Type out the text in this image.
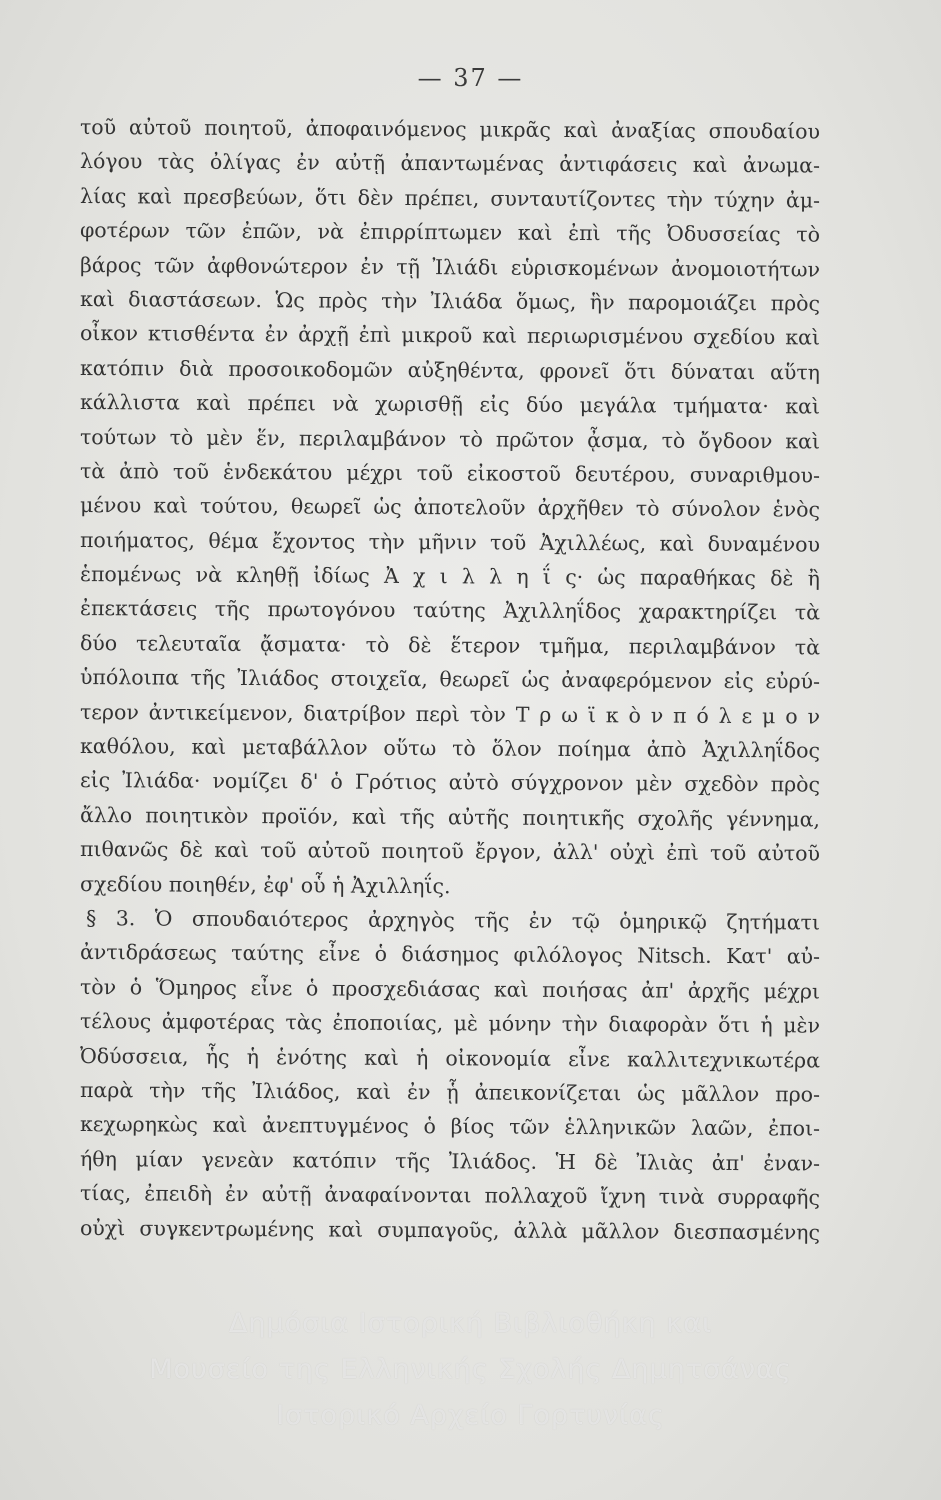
— 37 —
τοῦ αὐτοῦ ποιητοῦ, ἀποφαινόμενος μικρᾶς καὶ ἀναξίας σπουδαίου
λόγου τὰς ὀλίγας ἐν αὐτῇ ἀπαντωμένας ἀντιφάσεις καὶ ἀνωμα-
λίας καὶ πρεσβεύων, ὅτι δὲν πρέπει, συνταυτίζοντες τὴν τύχην ἀμ-
φοτέρων τῶν ἐπῶν, νὰ ἐπιρρίπτωμεν καὶ ἐπὶ τῆς Ὀδυσσείας τὸ
βάρος τῶν ἀφθονώτερον ἐν τῇ Ἰλιάδι εὑρισκομένων ἀνομοιοτήτων
καὶ διαστάσεων. Ὡς πρὸς τὴν Ἰλιάδα ὅμως, ἣν παρομοιάζει πρὸς
οἶκον κτισθέντα ἐν ἀρχῇ ἐπὶ μικροῦ καὶ περιωρισμένου σχεδίου καὶ
κατόπιν διὰ προσοικοδομῶν αὐξηθέντα, φρονεῖ ὅτι δύναται αὕτη
κάλλιστα καὶ πρέπει νὰ χωρισθῇ εἰς δύο μεγάλα τμήματα· καὶ
τούτων τὸ μὲν ἕν, περιλαμβάνον τὸ πρῶτον ᾆσμα, τὸ ὄγδοον καὶ
τὰ ἀπὸ τοῦ ἑνδεκάτου μέχρι τοῦ εἰκοστοῦ δευτέρου, συναριθμου-
μένου καὶ τούτου, θεωρεῖ ὡς ἀποτελοῦν ἀρχῆθεν τὸ σύνολον ἑνὸς
ποιήματος, θέμα ἔχοντος τὴν μῆνιν τοῦ Ἀχιλλέως, καὶ δυναμένου
ἑπομένως νὰ κληθῇ ἰδίως Ἀ χ ι λ λ η ΐ ς· ὡς παραθήκας δὲ ἢ
ἐπεκτάσεις τῆς πρωτογόνου ταύτης Ἀχιλληΐδος χαρακτηρίζει τὰ
δύο τελευταῖα ᾄσματα· τὸ δὲ ἕτερον τμῆμα, περιλαμβάνον τὰ
ὑπόλοιπα τῆς Ἰλιάδος στοιχεῖα, θεωρεῖ ὡς ἀναφερόμενον εἰς εὐρύ-
τερον ἀντικείμενον, διατρίβον περὶ τὸν Τ ρ ω ϊ κ ὸ ν π ό λ ε μ ο ν
καθόλου, καὶ μεταβάλλον οὕτω τὸ ὅλον ποίημα ἀπὸ Ἀχιλληΐδος
εἰς Ἰλιάδα· νομίζει δ' ὁ Γρότιος αὐτὸ σύγχρονον μὲν σχεδὸν πρὸς
ἄλλο ποιητικὸν προϊόν, καὶ τῆς αὐτῆς ποιητικῆς σχολῆς γέννημα,
πιθανῶς δὲ καὶ τοῦ αὐτοῦ ποιητοῦ ἔργον, ἀλλ' οὐχὶ ἐπὶ τοῦ αὐτοῦ
σχεδίου ποιηθέν, ἐφ' οὗ ἡ Ἀχιλληΐς.
§ 3. Ὁ σπουδαιότερος ἀρχηγὸς τῆς ἐν τῷ ὁμηρικῷ ζητήματι
ἀντιδράσεως ταύτης εἶνε ὁ διάσημος φιλόλογος Nitsch. Κατ' αὐ-
τὸν ὁ Ὅμηρος εἶνε ὁ προσχεδιάσας καὶ ποιήσας ἀπ' ἀρχῆς μέχρι
τέλους ἀμφοτέρας τὰς ἐποποιίας, μὲ μόνην τὴν διαφορὰν ὅτι ἡ μὲν
Ὀδύσσεια, ἧς ἡ ἑνότης καὶ ἡ οἰκονομία εἶνε καλλιτεχνικωτέρα
παρὰ τὴν τῆς Ἰλιάδος, καὶ ἐν ᾗ ἀπεικονίζεται ὡς μᾶλλον προ-
κεχωρηκὼς καὶ ἀνεπτυγμένος ὁ βίος τῶν ἑλληνικῶν λαῶν, ἐποι-
ήθη μίαν γενεὰν κατόπιν τῆς Ἰλιάδος. Ἡ δὲ Ἰλιὰς ἀπ' ἐναν-
τίας, ἐπειδὴ ἐν αὐτῇ ἀναφαίνονται πολλαχοῦ ἴχνη τινὰ συρραφῆς
οὐχὶ συγκεντρωμένης καὶ συμπαγοῦς, ἀλλὰ μᾶλλον διεσπασμένης
Δημόσια Ιστορική Βιβλιοθήκη και
Μουσείο της Ελληνικής Σχολής Δημητσάνας
Ιστορικό Αρχείο Γορτυνίας
